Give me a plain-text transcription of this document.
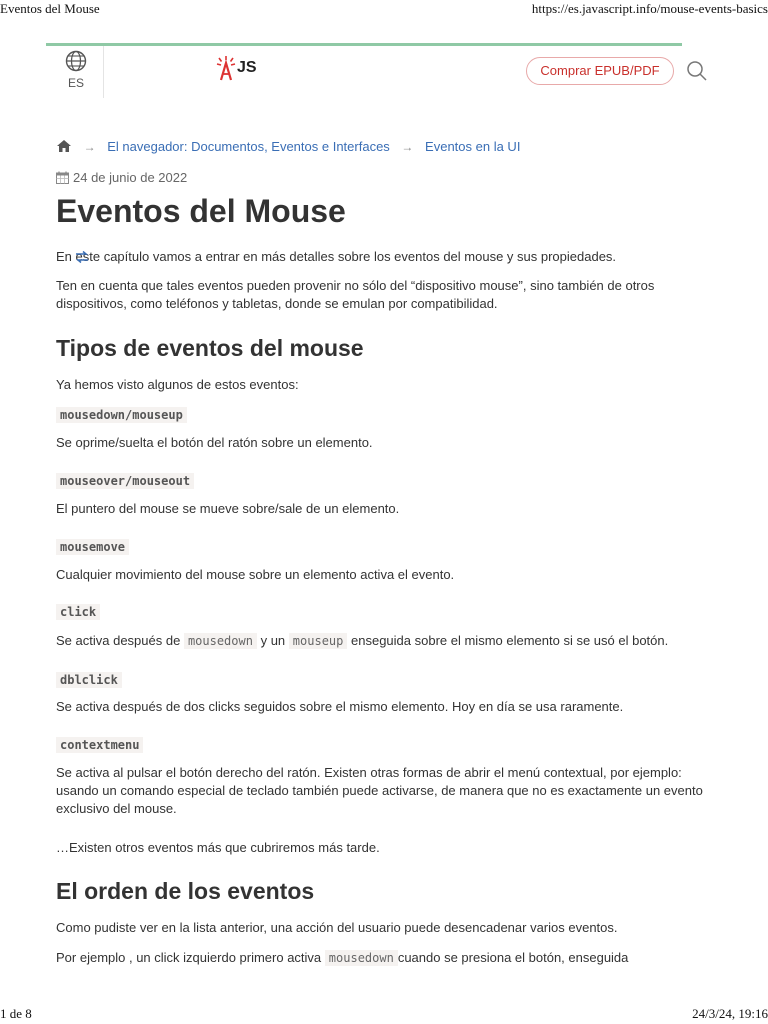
Eventos del Mouse	https://es.javascript.info/mouse-events-basics
ES
JS	Comprar EPUB/PDF
→ El navegador: Documentos, Eventos e Interfaces → Eventos en la UI
24 de junio de 2022
Eventos del Mouse
En este capítulo vamos a entrar en más detalles sobre los eventos del mouse y sus propiedades.
Ten en cuenta que tales eventos pueden provenir no sólo del “dispositivo mouse”, sino también de otros dispositivos, como teléfonos y tabletas, donde se emulan por compatibilidad.
Tipos de eventos del mouse
Ya hemos visto algunos de estos eventos:
mousedown/mouseup
Se oprime/suelta el botón del ratón sobre un elemento.
mouseover/mouseout
El puntero del mouse se mueve sobre/sale de un elemento.
mousemove
Cualquier movimiento del mouse sobre un elemento activa el evento.
click
Se activa después de mousedown y un mouseup enseguida sobre el mismo elemento si se usó el botón.
dblclick
Se activa después de dos clicks seguidos sobre el mismo elemento. Hoy en día se usa raramente.
contextmenu
Se activa al pulsar el botón derecho del ratón. Existen otras formas de abrir el menú contextual, por ejemplo: usando un comando especial de teclado también puede activarse, de manera que no es exactamente un evento exclusivo del mouse.
…Existen otros eventos más que cubriremos más tarde.
El orden de los eventos
Como pudiste ver en la lista anterior, una acción del usuario puede desencadenar varios eventos.
Por ejemplo , un click izquierdo primero activa mousedown cuando se presiona el botón, enseguida
1 de 8	24/3/24, 19:16
